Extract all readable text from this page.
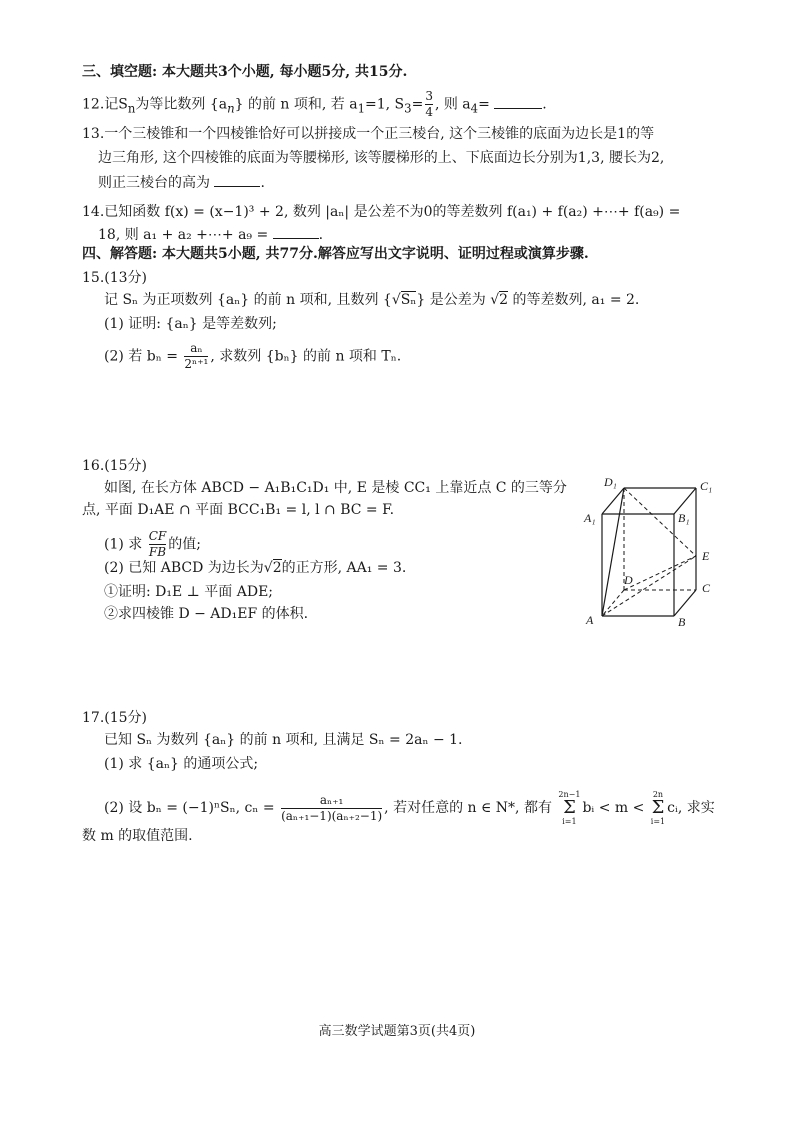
三、填空题: 本大题共3个小题, 每小题5分, 共15分.
12.记$S_n$为等比数列 $\{a_n\}$ 的前 n 项和, 若 $a_1=1$, $S_3= \frac{3}{4}$ , 则 $a_4=$	.
13.一个三棱锥和一个四棱锥恰好可以拼接成一个正三棱台, 这个三棱锥的底面为边长是1的等
边三角形, 这个四棱锥的底面为等腰梯形, 该等腰梯形的上、下底面边长分别为1,3, 腰长为2,
则正三棱台的高为	.
14.已知函数 f(x) = (x−1)³ + 2, 数列 |aₙ| 是公差不为0的等差数列 f(a₁) + f(a₂) +⋯+ f(a₉) =
18, 则 a₁ + a₂ +⋯+ a₉ =	.
四、解答题: 本大题共5小题, 共77分.解答应写出文字说明、证明过程或演算步骤.
15.(13分)
记 Sₙ 为正项数列 {aₙ} 的前 n 项和, 且数列 {√Sₙ} 是公差为 √2 的等差数列, a₁ = 2.
(1) 证明: {aₙ} 是等差数列;
(2) 若 $b_n = \frac{\text{aₙ}}{\text{2ⁿ⁺¹}}$ , 求数列 {bₙ} 的前 n 项和 Tₙ.
16.(15分)
如图, 在长方体 ABCD − A₁B₁C₁D₁ 中, E 是棱 CC₁ 上靠近点 C 的三等分
点, 平面 D₁AE ∩ 平面 BCC₁B₁ = l, l ∩ BC = F.
(1) 求 $\frac{CF}{FB}$ 的值;
(2) 已知 ABCD 为边长为√2的正方形, AA₁ = 3.
①证明: D₁E ⊥ 平面 ADE;
②求四棱锥 D − AD₁EF 的体积.
D₁	C₁
A₁	B₁
E
D
C
A	B
17.(15分)
已知 Sₙ 为数列 {aₙ} 的前 n 项和, 且满足 Sₙ = 2aₙ − 1.
(1) 求 {aₙ} 的通项公式;
(2) 设 bₙ = (−1)ⁿSₙ, $c_n = \frac{\text{aₙ₊₁}}{\text{(aₙ₊₁−1)(aₙ₊₂−1)}}$ , 若对任意的 n ∈ N*, 都有
2n−1
Σ
i=1
bᵢ < m <
2n
Σ
i=1
cᵢ, 求实
数 m 的取值范围.
高三数学试题第3页(共4页)
